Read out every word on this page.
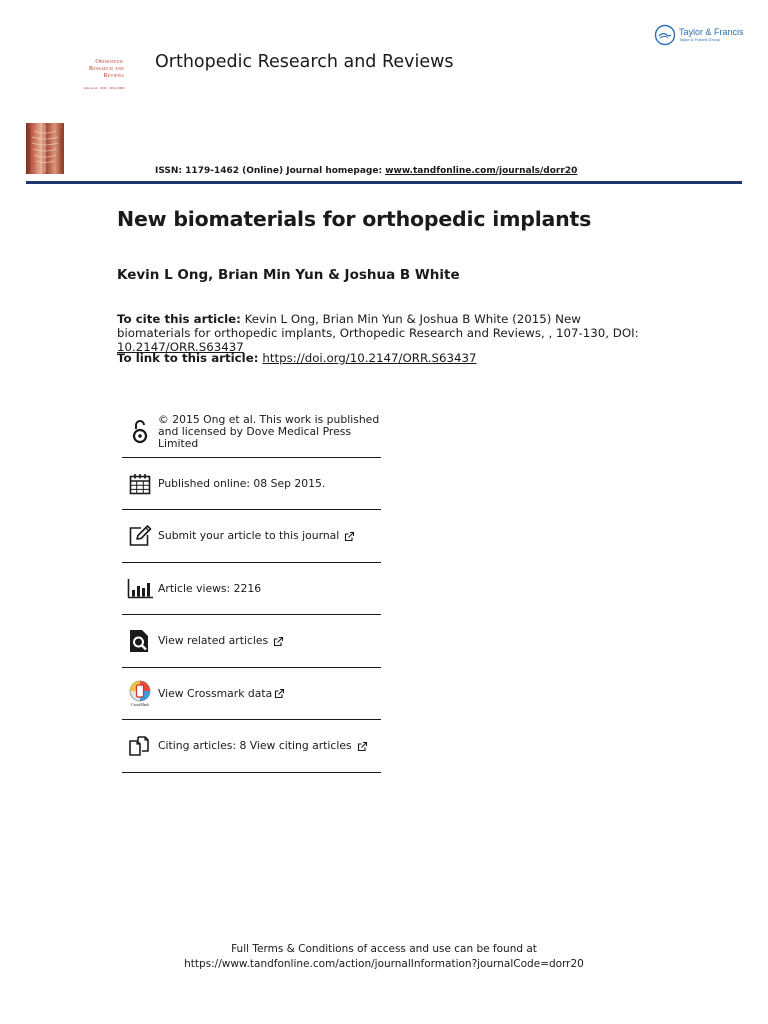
Taylor & Francis
Taylor & Francis Group
Orthopedic
Research and
Reviews
Volume 11 · 2019 · ISSN 2089
Orthopedic Research and Reviews
ISSN: 1179-1462 (Online) Journal homepage: www.tandfonline.com/journals/dorr20
New biomaterials for orthopedic implants
Kevin L Ong, Brian Min Yun & Joshua B White
To cite this article: Kevin L Ong, Brian Min Yun & Joshua B White (2015) New biomaterials for orthopedic implants, Orthopedic Research and Reviews, , 107-130, DOI: 10.2147/ORR.S63437
To link to this article: https://doi.org/10.2147/ORR.S63437
© 2015 Ong et al. This work is published and licensed by Dove Medical Press Limited
Published online: 08 Sep 2015.
Submit your article to this journal
Article views: 2216
View related articles
CrossMark
View Crossmark data
Citing articles: 8 View citing articles
Full Terms & Conditions of access and use can be found at
https://www.tandfonline.com/action/journalInformation?journalCode=dorr20
